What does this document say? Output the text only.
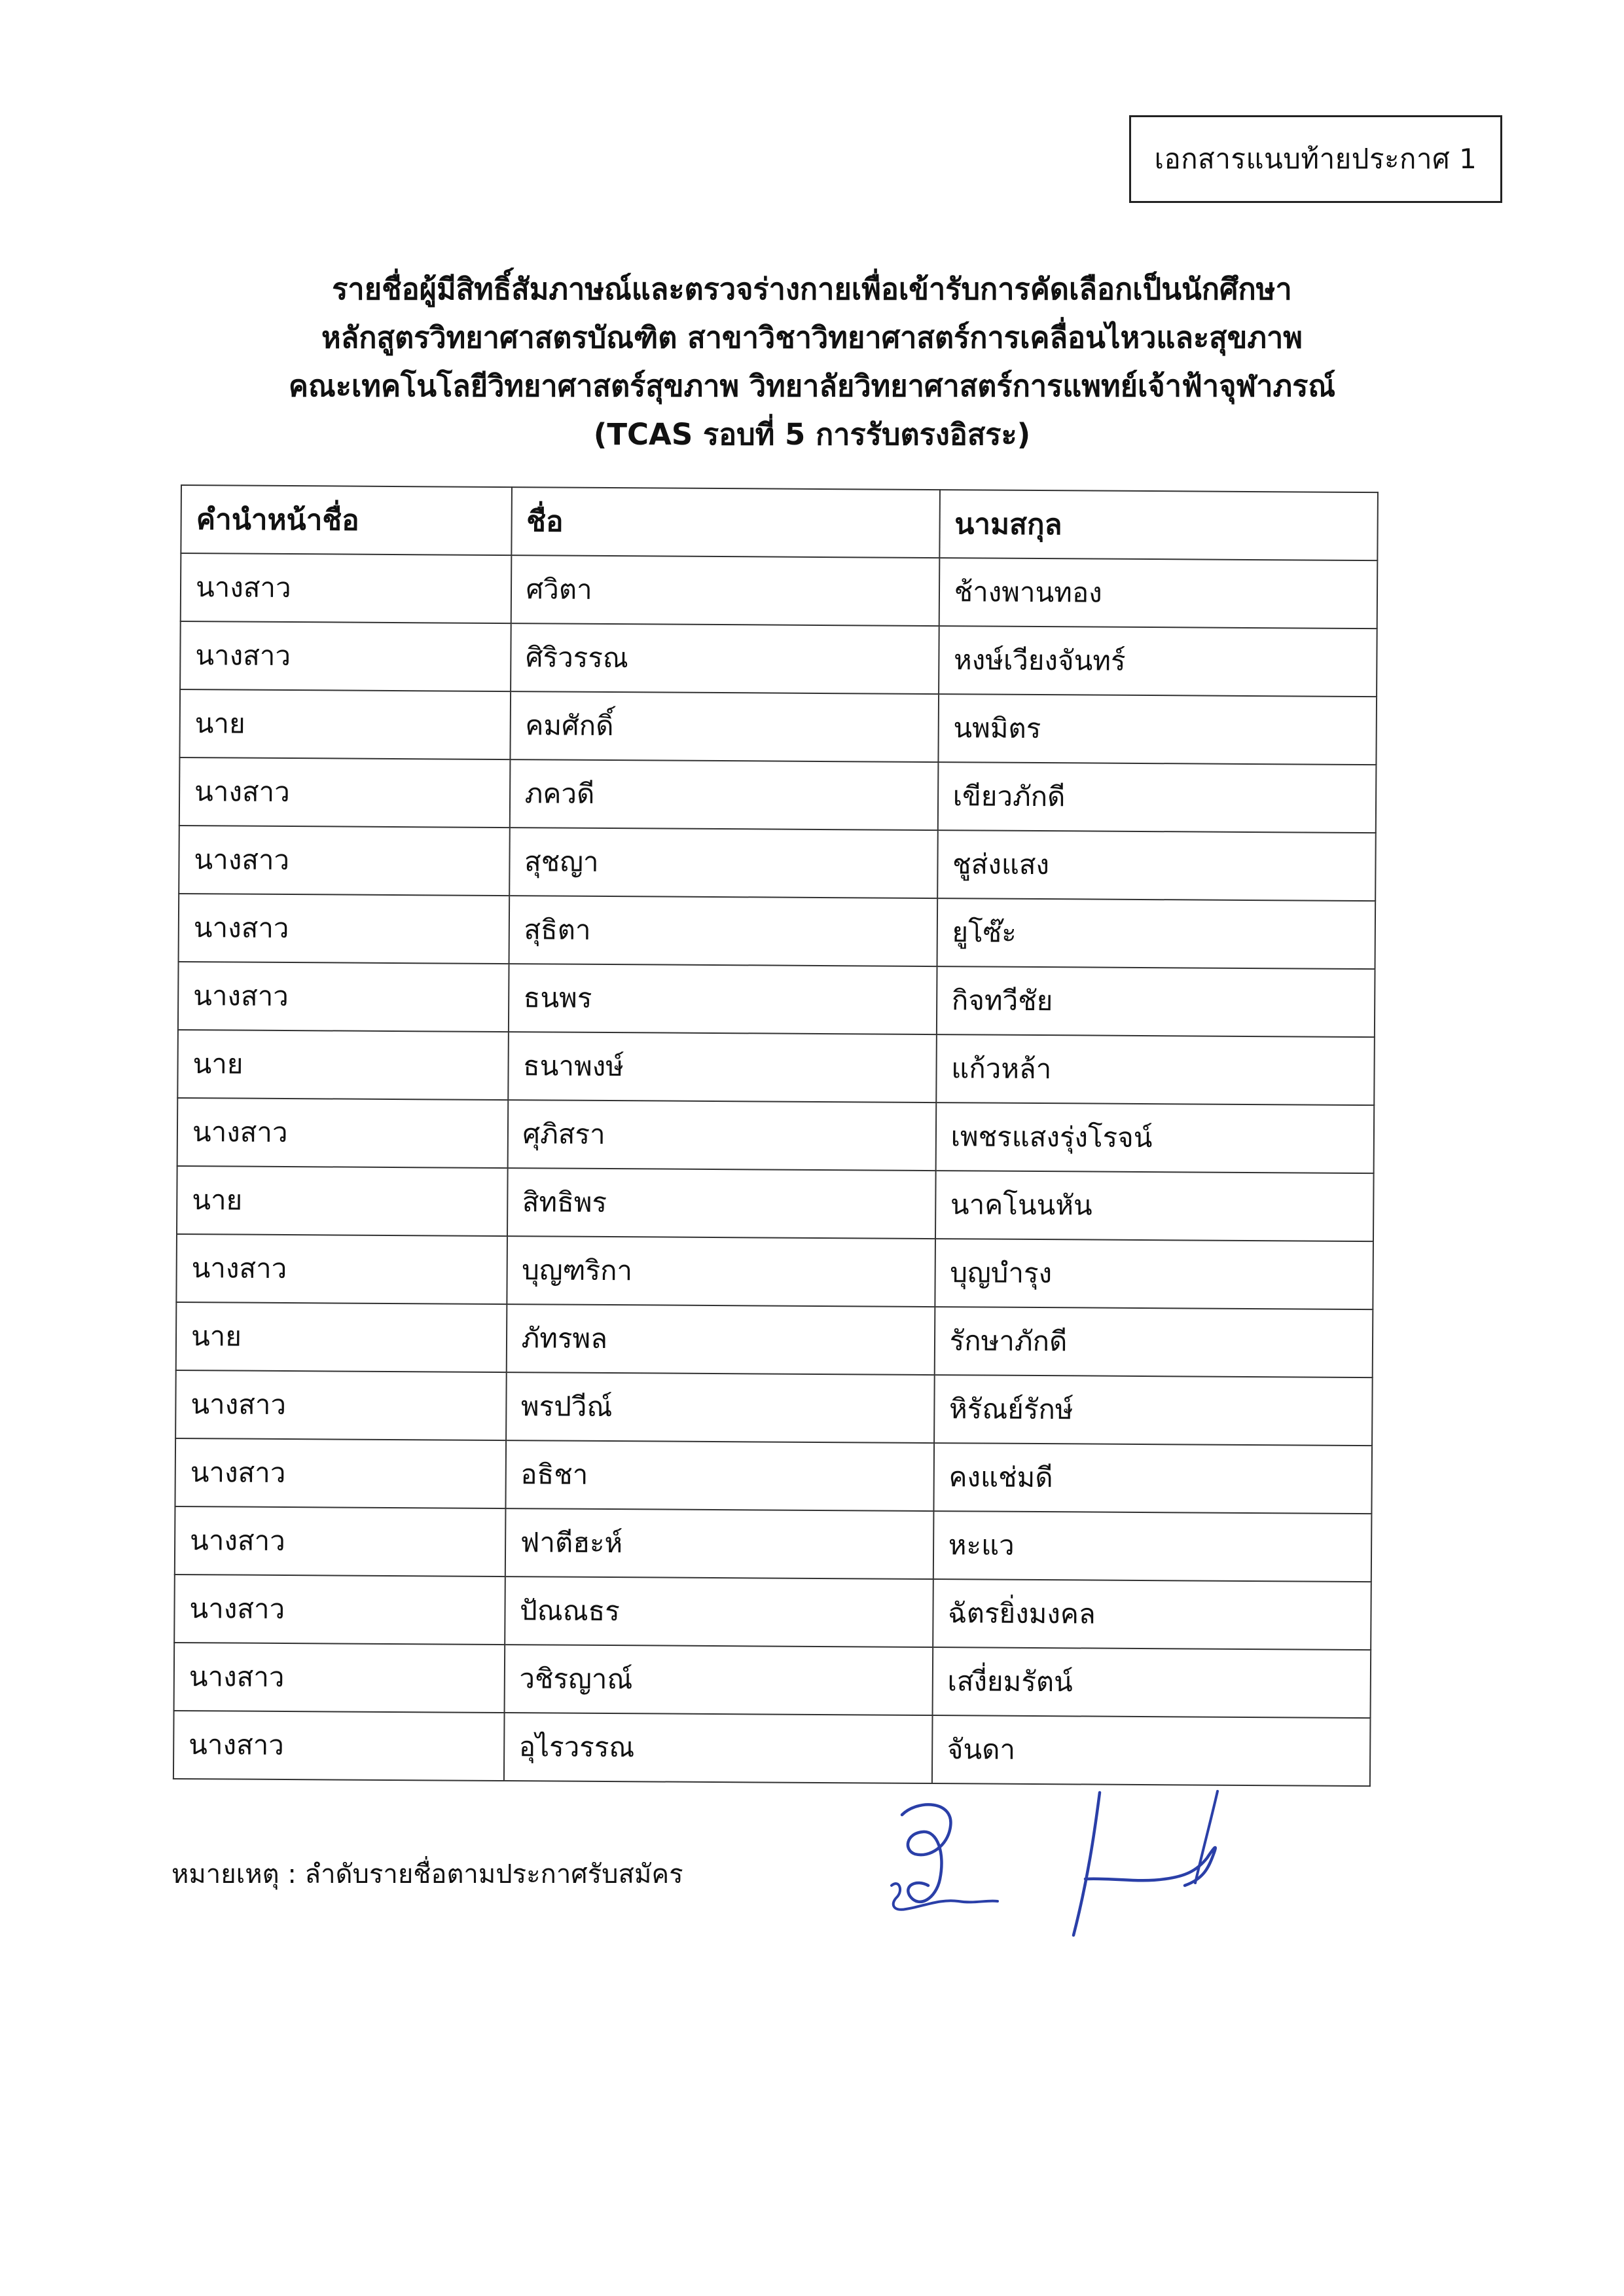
เอกสารแนบท้ายประกาศ 1
รายชื่อผู้มีสิทธิ์สัมภาษณ์และตรวจร่างกายเพื่อเข้ารับการคัดเลือกเป็นนักศึกษา
หลักสูตรวิทยาศาสตรบัณฑิต สาขาวิชาวิทยาศาสตร์การเคลื่อนไหวและสุขภาพ
คณะเทคโนโลยีวิทยาศาสตร์สุขภาพ วิทยาลัยวิทยาศาสตร์การแพทย์เจ้าฟ้าจุฬาภรณ์
(TCAS รอบที่ 5 การรับตรงอิสระ)
คำนำหน้าชื่อ	ชื่อ	นามสกุล
นางสาว	ศวิตา	ช้างพานทอง
นางสาว	ศิริวรรณ	หงษ์เวียงจันทร์
นาย	คมศักดิ์	นพมิตร
นางสาว	ภควดี	เขียวภักดี
นางสาว	สุชญา	ชูส่งแสง
นางสาว	สุธิตา	ยูโซ๊ะ
นางสาว	ธนพร	กิจทวีชัย
นาย	ธนาพงษ์	แก้วหล้า
นางสาว	ศุภิสรา	เพชรแสงรุ่งโรจน์
นาย	สิทธิพร	นาคโนนหัน
นางสาว	บุญฑริกา	บุญบำรุง
นาย	ภัทรพล	รักษาภักดี
นางสาว	พรปวีณ์	หิรัณย์รักษ์
นางสาว	อธิชา	คงแช่มดี
นางสาว	ฟาตีฮะห์	หะแว
นางสาว	ปัณณธร	ฉัตรยิ่งมงคล
นางสาว	วชิรญาณ์	เสงี่ยมรัตน์
นางสาว	อุไรวรรณ	จันดา
หมายเหตุ : ลำดับรายชื่อตามประกาศรับสมัคร
